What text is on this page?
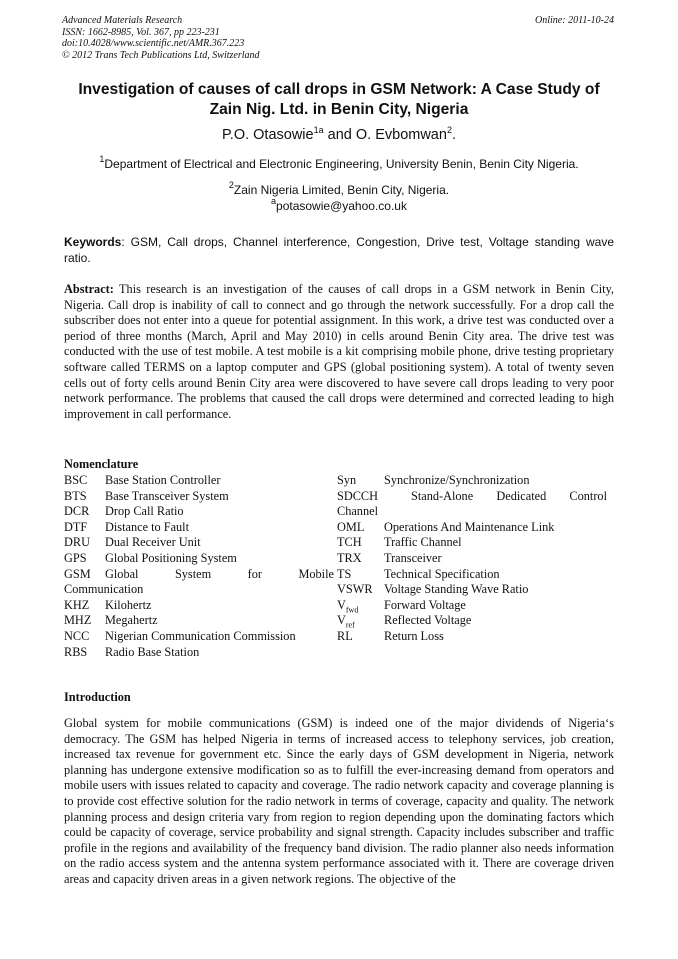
Advanced Materials Research
ISSN: 1662-8985, Vol. 367, pp 223-231
doi:10.4028/www.scientific.net/AMR.367.223
© 2012 Trans Tech Publications Ltd, Switzerland
Online: 2011-10-24
Investigation of causes of call drops in GSM Network: A Case Study of
Zain Nig. Ltd. in Benin City, Nigeria
P.O. Otasowie$^{1a}$ and O. Evbomwan$^2$.
$^1$Department of Electrical and Electronic Engineering, University Benin, Benin City Nigeria.
$^2$Zain Nigeria Limited, Benin City, Nigeria.
$^a$potasowie@yahoo.co.uk
Keywords: GSM, Call drops, Channel interference, Congestion, Drive test, Voltage standing wave ratio.
Abstract: This research is an investigation of the causes of call drops in a GSM network in Benin City, Nigeria. Call drop is inability of call to connect and go through the network successfully. For a drop call the subscriber does not enter into a queue for potential assignment. In this work, a drive test was conducted over a period of three months (March, April and May 2010) in cells around Benin City area. The drive test was conducted with the use of test mobile. A test mobile is a kit comprising mobile phone, drive testing proprietary software called TERMS on a laptop computer and GPS (global positioning system). A total of twenty seven cells out of forty cells around Benin City area were discovered to have severe call drops leading to very poor network performance. The problems that caused the call drops were determined and corrected leading to high improvement in call performance.
Nomenclature
BSC	Base Station Controller
BTS	Base Transceiver System
DCR	Drop Call Ratio
DTF	Distance to Fault
DRU	Dual Receiver Unit
GPS	Global Positioning System
GSM	Global	System	for	Mobile
Communication
KHZ	Kilohertz
MHZ	Megahertz
NCC	Nigerian Communication Commission
RBS	Radio Base Station
Syn	Synchronize/Synchronization
SDCCH	Stand-Alone Dedicated Control
Channel
OML	Operations And Maintenance Link
TCH	Traffic Channel
TRX	Transceiver
TS	Technical Specification
VSWR Voltage Standing Wave Ratio
$V_{fwd}$	Forward Voltage
$V_{ref}$	Reflected Voltage
RL	Return Loss
Introduction
Global system for mobile communications (GSM) is indeed one of the major dividends of Nigeria‘s democracy. The GSM has helped Nigeria in terms of increased access to telephony services, job creation, increased tax revenue for government etc. Since the early days of GSM development in Nigeria, network planning has undergone extensive modification so as to fulfill the ever-increasing demand from operators and mobile users with issues related to capacity and coverage. The radio network capacity and coverage planning is to provide cost effective solution for the radio network in terms of coverage, capacity and quality. The network planning process and design criteria vary from region to region depending upon the dominating factors which could be capacity of coverage, service probability and signal strength. Capacity includes subscriber and traffic profile in the regions and availability of the frequency band division. The radio planner also needs information on the radio access system and the antenna system performance associated with it. There are coverage driven areas and capacity driven areas in a given network regions. The objective of the
